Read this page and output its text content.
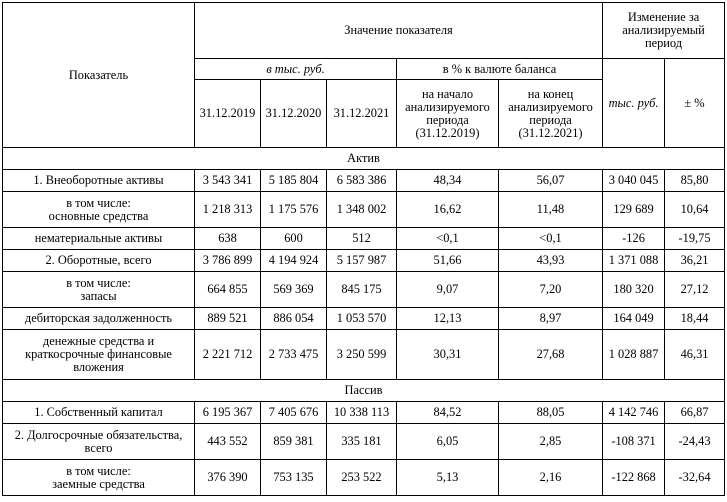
Показатель	Значение показателя					Изменение за анализируемый период	
	в тыс. руб.			в % к валюте баланса		тыс. руб.	± %
	31.12.2019	31.12.2020	31.12.2021	на начало анализируемого периода (31.12.2019)	на конец анализируемого периода (31.12.2021)		
Актив							
1. Внеоборотные активы	3 543 341	5 185 804	6 583 386	48,34	56,07	3 040 045	85,80
в том числе:
основные средства	1 218 313	1 175 576	1 348 002	16,62	11,48	129 689	10,64
нематериальные активы	638	600	512	<0,1	<0,1	-126	-19,75
2. Оборотные, всего	3 786 899	4 194 924	5 157 987	51,66	43,93	1 371 088	36,21
в том числе:
запасы	664 855	569 369	845 175	9,07	7,20	180 320	27,12
дебиторская задолженность	889 521	886 054	1 053 570	12,13	8,97	164 049	18,44
денежные средства и краткосрочные финансовые вложения	2 221 712	2 733 475	3 250 599	30,31	27,68	1 028 887	46,31
Пассив							
1. Собственный капитал	6 195 367	7 405 676	10 338 113	84,52	88,05	4 142 746	66,87
2. Долгосрочные обязательства, всего	443 552	859 381	335 181	6,05	2,85	-108 371	-24,43
в том числе:
заемные средства	376 390	753 135	253 522	5,13	2,16	-122 868	-32,64
